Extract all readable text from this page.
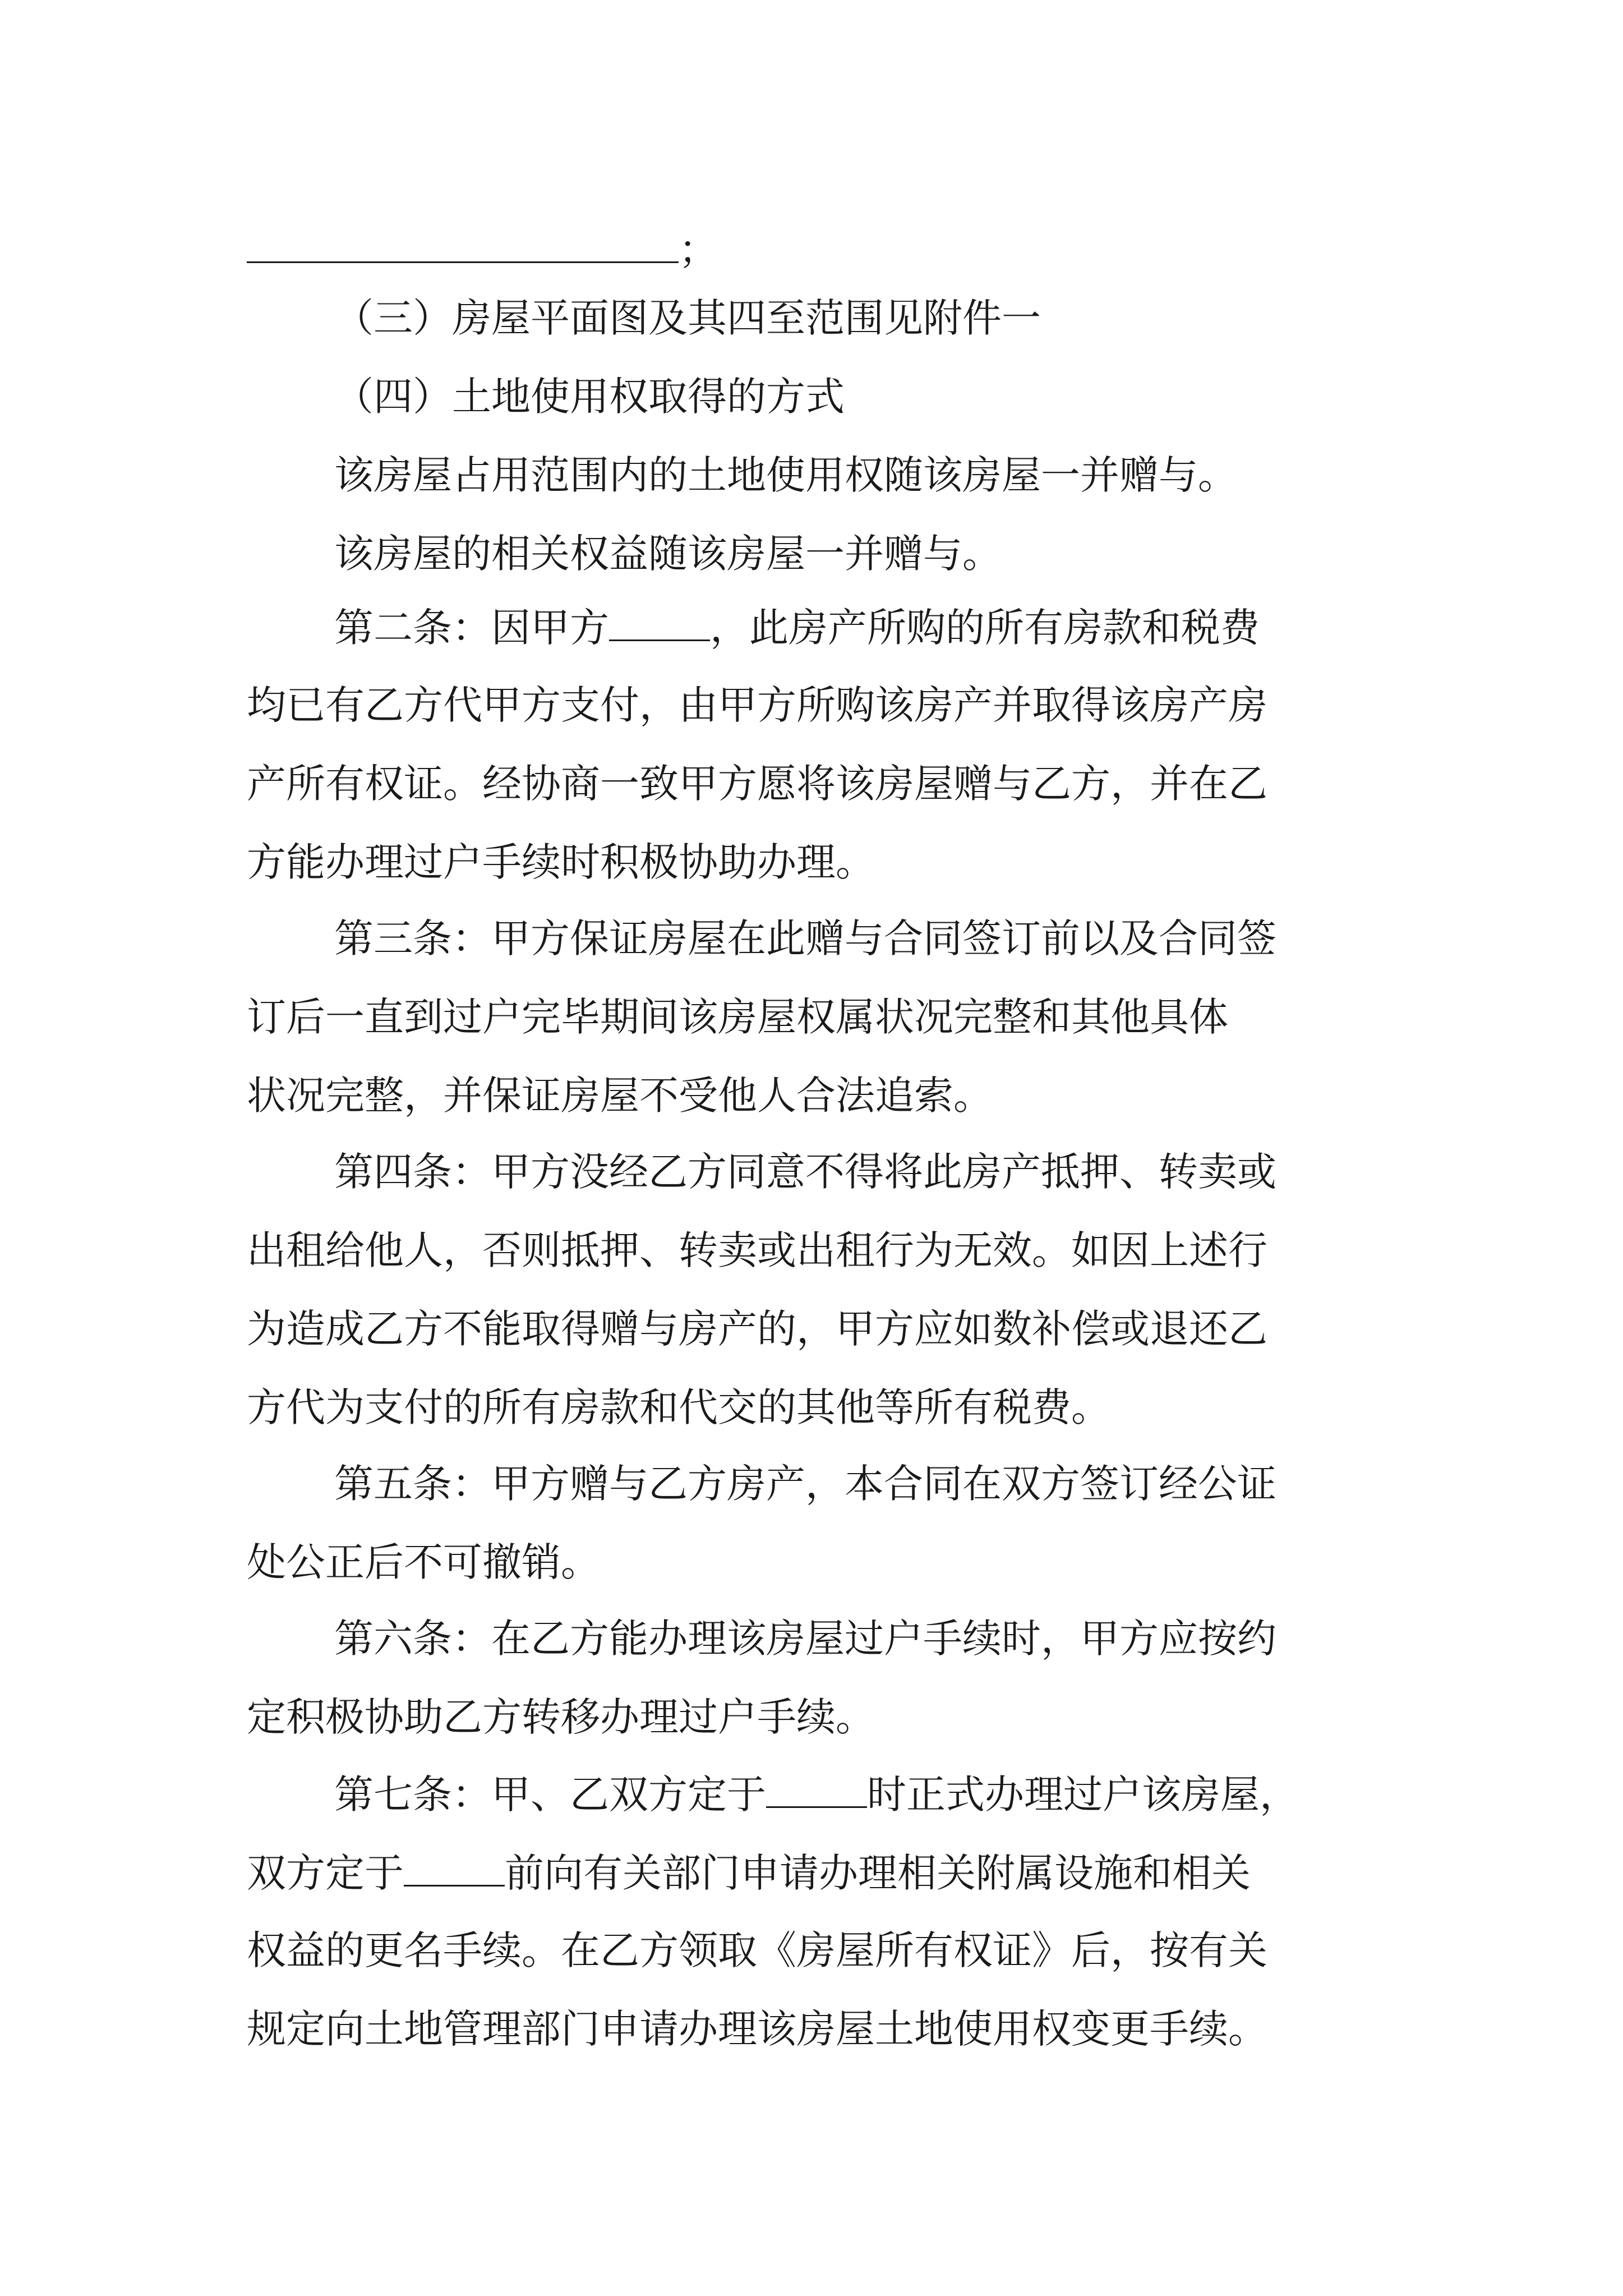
；
（三）房屋平面图及其四至范围见附件一
（四）土地使用权取得的方式
该房屋占用范围内的土地使用权随该房屋一并赠与。
该房屋的相关权益随该房屋一并赠与。
第二条：因甲方	，此房产所购的所有房款和税费
均已有乙方代甲方支付，由甲方所购该房产并取得该房产房
产所有权证。经协商一致甲方愿将该房屋赠与乙方，并在乙
方能办理过户手续时积极协助办理。
第三条：甲方保证房屋在此赠与合同签订前以及合同签
订后一直到过户完毕期间该房屋权属状况完整和其他具体
状况完整，并保证房屋不受他人合法追索。
第四条：甲方没经乙方同意不得将此房产抵押、转卖或
出租给他人，否则抵押、转卖或出租行为无效。如因上述行
为造成乙方不能取得赠与房产的，甲方应如数补偿或退还乙
方代为支付的所有房款和代交的其他等所有税费。
第五条：甲方赠与乙方房产，本合同在双方签订经公证
处公正后不可撤销。
第六条：在乙方能办理该房屋过户手续时，甲方应按约
定积极协助乙方转移办理过户手续。
第七条：甲、乙双方定于	时正式办理过户该房屋，
双方定于	前向有关部门申请办理相关附属设施和相关
权益的更名手续。在乙方领取《房屋所有权证》后，按有关
规定向土地管理部门申请办理该房屋土地使用权变更手续。
